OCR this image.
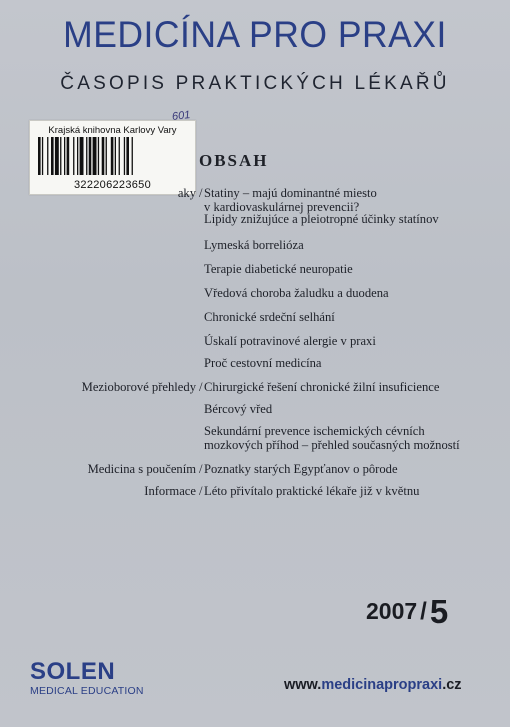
MEDICÍNA PRO PRAXI
ČASOPIS PRAKTICKÝCH LÉKAŘŮ
Krajská knihovna Karlovy Vary
322206223650
601
OBSAH
aky / Statiny – majú dominantné miesto
v kardiovaskulárnej prevencii?
Lipidy znižujúce a pleiotropné účinky statínov
Lymeská borrelióza
Terapie diabetické neuropatie
Vředová choroba žaludku a duodena
Chronické srdeční selhání
Úskalí potravinové alergie v praxi
Proč cestovní medicína
Mezioborové přehledy / Chirurgické řešení chronické žilní insuficience
Bércový vřed
Sekundární prevence ischemických cévních
mozkových příhod – přehled současných možností
Medicina s poučením / Poznatky starých Egypťanov o pôrode
Informace / Léto přivítalo praktické lékaře již v květnu
2007 /5
SOLEN
MEDICAL EDUCATION	www.medicinapropraxi.cz
